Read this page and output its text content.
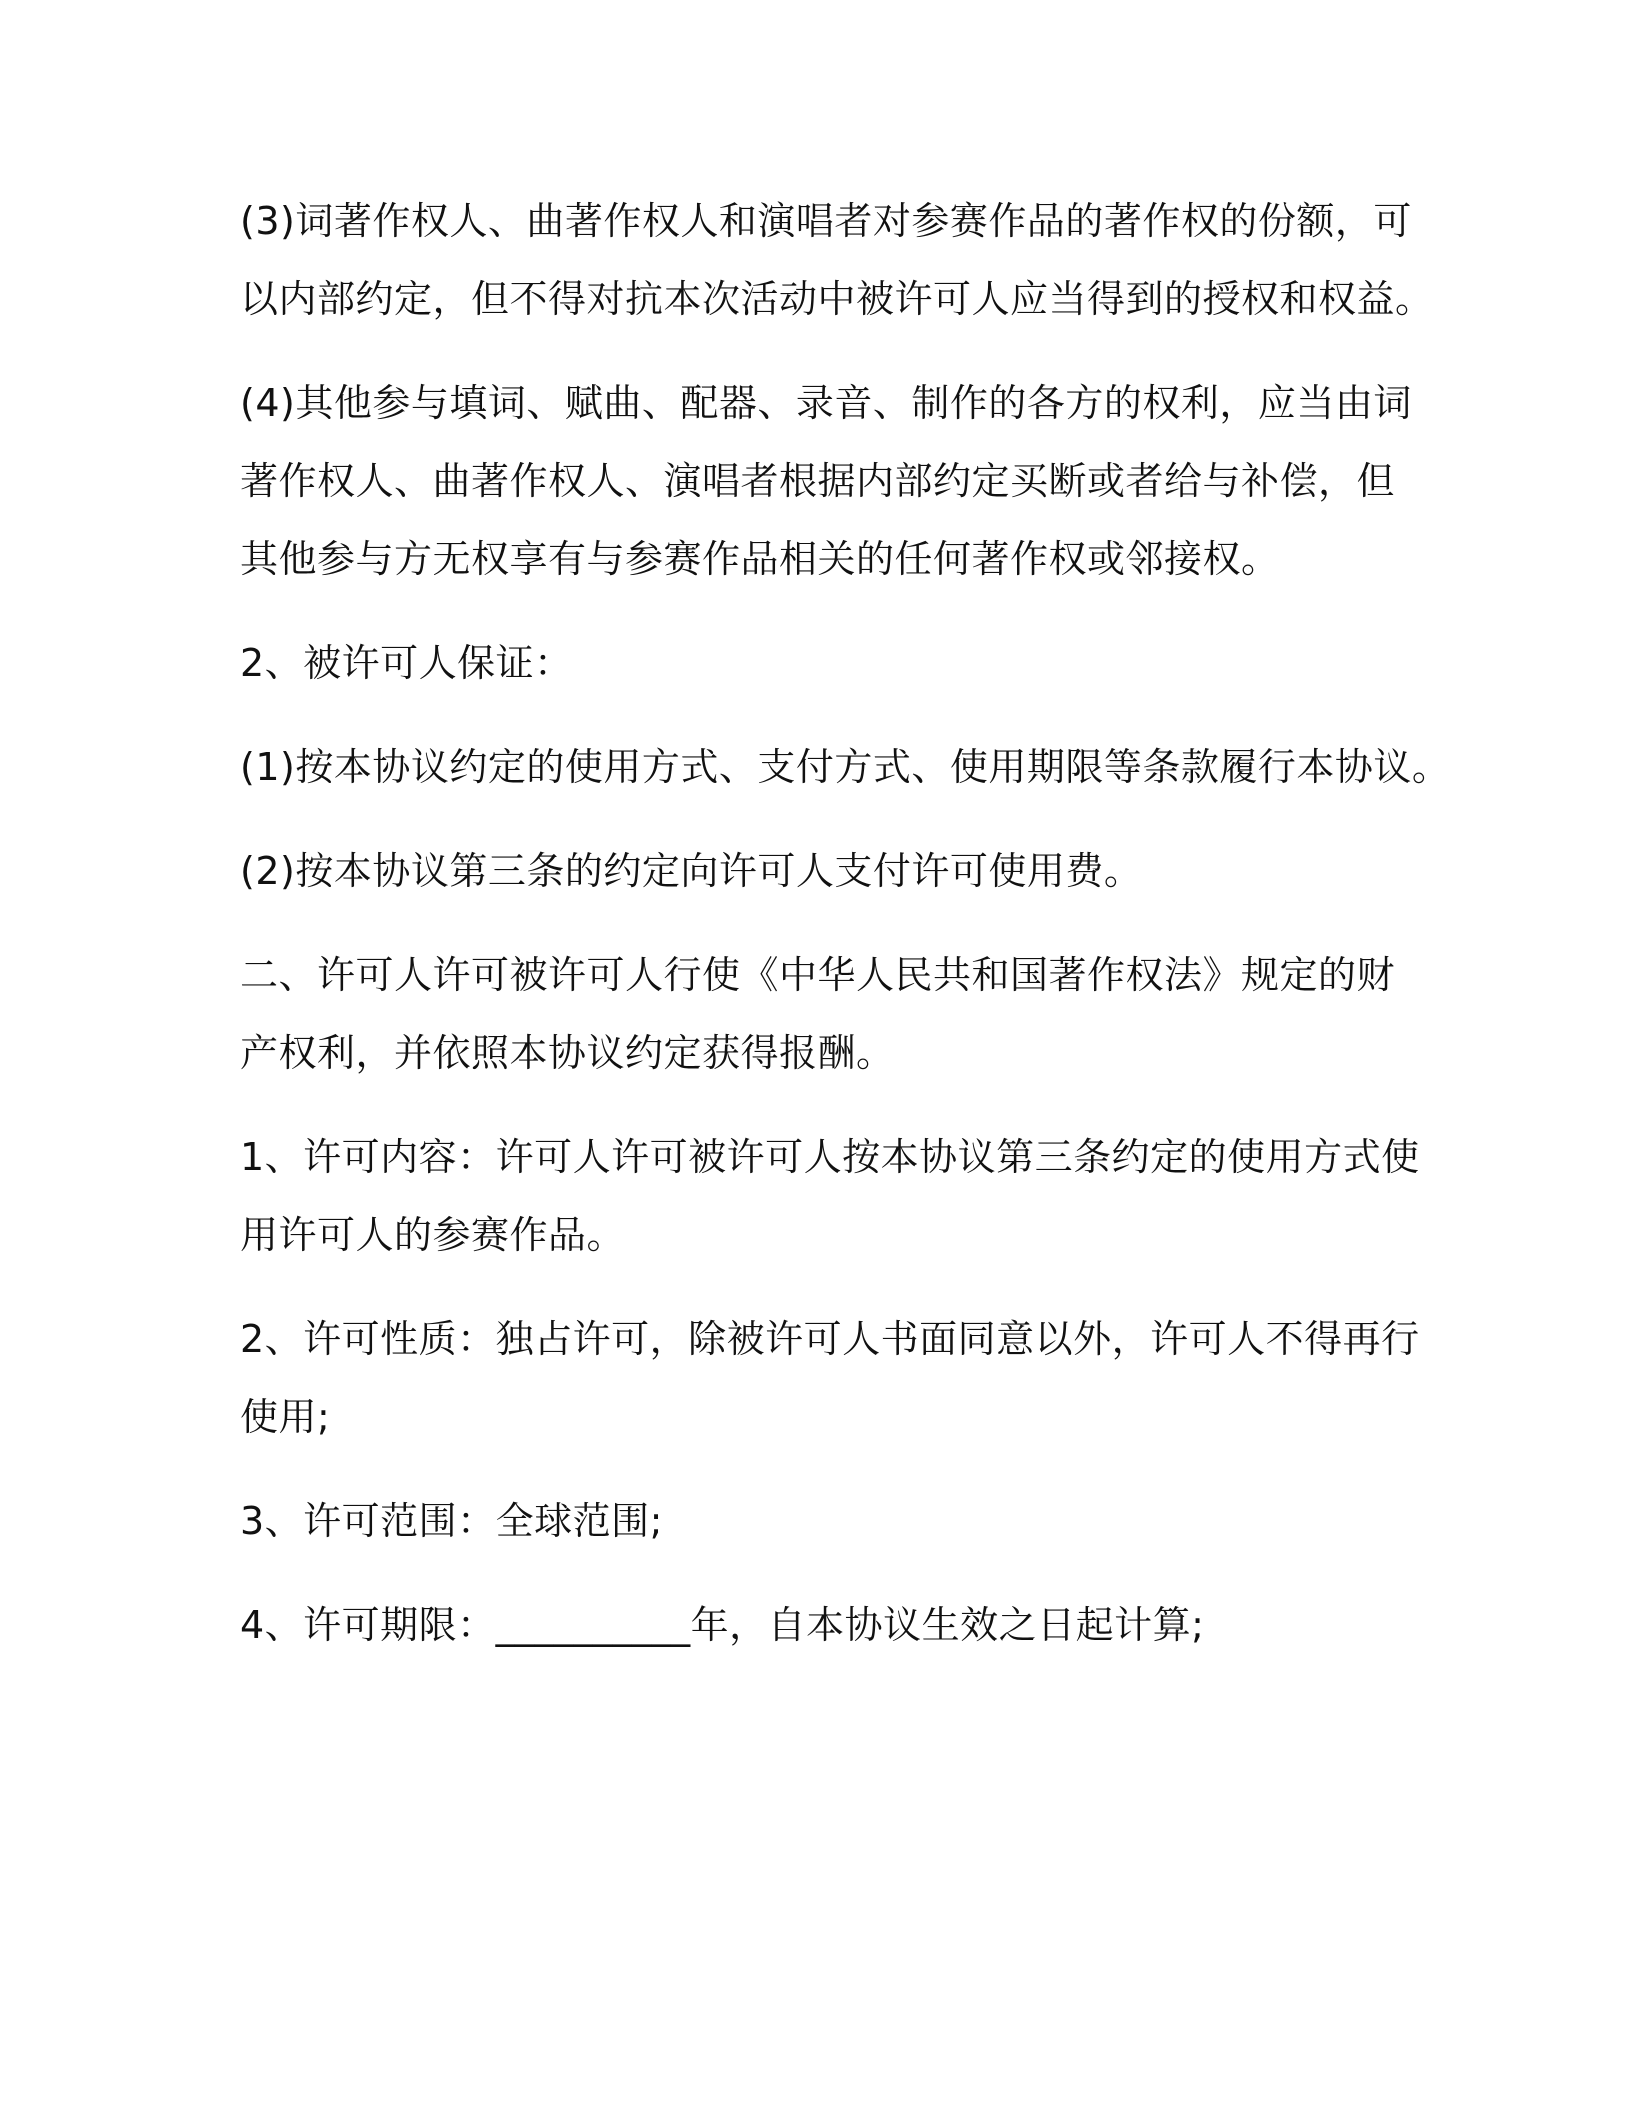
(3)词著作权人、曲著作权人和演唱者对参赛作品的著作权的份额，可
以内部约定，但不得对抗本次活动中被许可人应当得到的授权和权益。

(4)其他参与填词、赋曲、配器、录音、制作的各方的权利，应当由词
著作权人、曲著作权人、演唱者根据内部约定买断或者给与补偿，但
其他参与方无权享有与参赛作品相关的任何著作权或邻接权。

2、被许可人保证：

(1)按本协议约定的使用方式、支付方式、使用期限等条款履行本协议。

(2)按本协议第三条的约定向许可人支付许可使用费。

二、许可人许可被许可人行使《中华人民共和国著作权法》规定的财
产权利，并依照本协议约定获得报酬。

1、许可内容：许可人许可被许可人按本协议第三条约定的使用方式使
用许可人的参赛作品。

2、许可性质：独占许可，除被许可人书面同意以外，许可人不得再行
使用;

3、许可范围：全球范围;

4、许可期限：__________年，自本协议生效之日起计算;
